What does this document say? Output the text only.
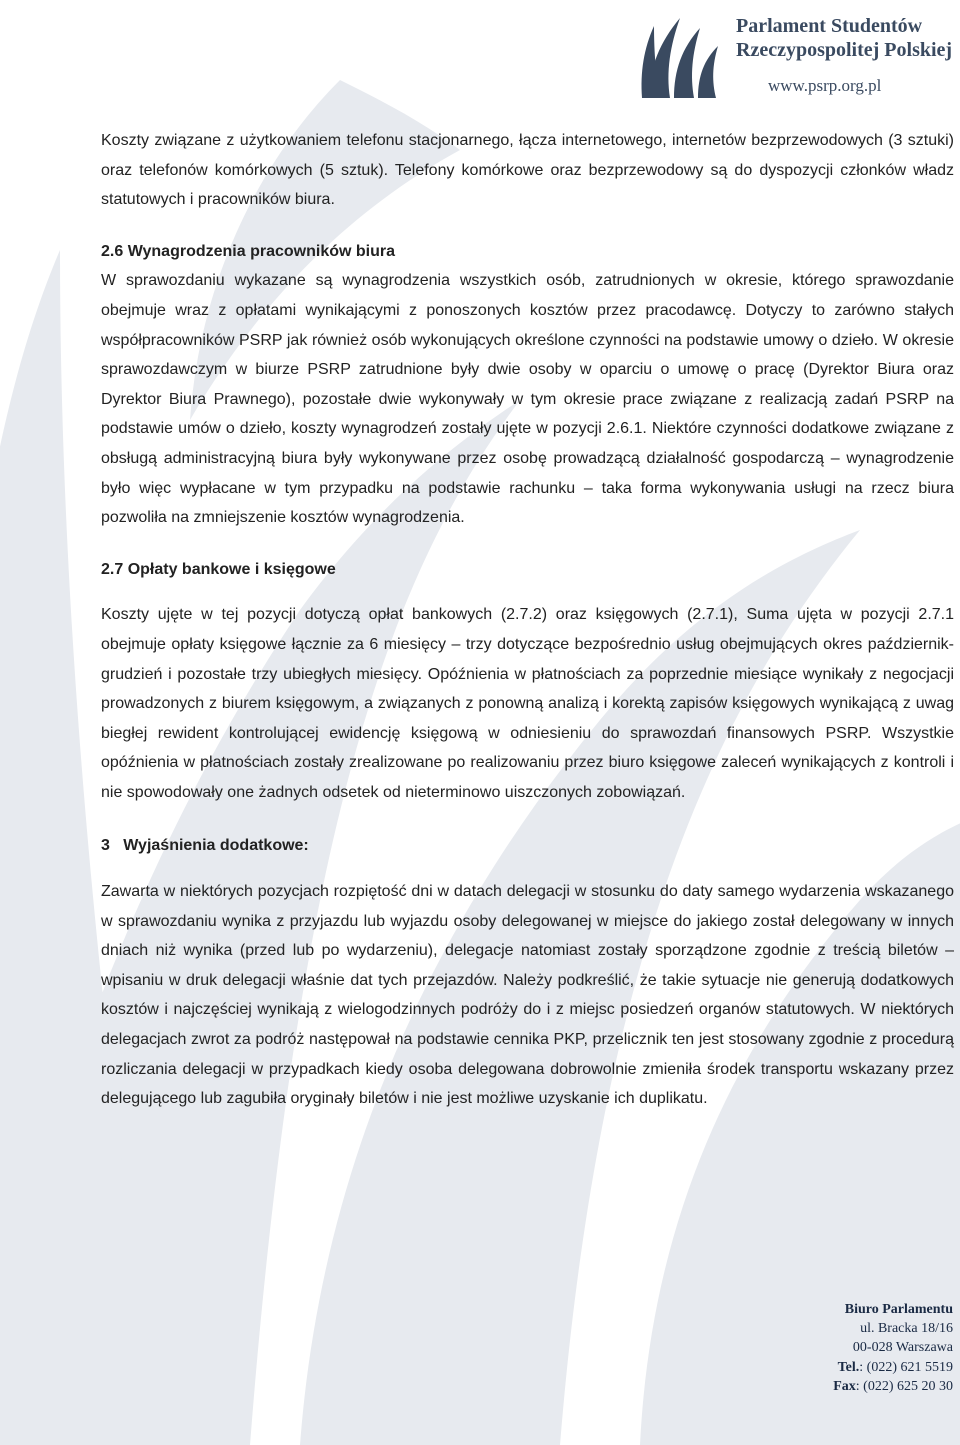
Parlament Studentów
Rzeczypospolitej Polskiej
www.psrp.org.pl

Koszty związane z użytkowaniem telefonu stacjonarnego, łącza internetowego, internetów bezprzewodowych (3 sztuki) oraz telefonów komórkowych (5 sztuk). Telefony komórkowe oraz bezprzewodowy są do dyspozycji członków władz statutowych i pracowników biura.

2.6 Wynagrodzenia pracowników biura

W sprawozdaniu wykazane są wynagrodzenia wszystkich osób, zatrudnionych w okresie, którego sprawozdanie obejmuje wraz z opłatami wynikającymi z ponoszonych kosztów przez pracodawcę. Dotyczy to zarówno stałych współpracowników PSRP jak również osób wykonujących określone czynności na podstawie umowy o dzieło. W okresie sprawozdawczym w biurze PSRP zatrudnione były dwie osoby w oparciu o umowę o pracę (Dyrektor Biura oraz Dyrektor Biura Prawnego), pozostałe dwie wykonywały w tym okresie prace związane z realizacją zadań PSRP na podstawie umów o dzieło, koszty wynagrodzeń zostały ujęte w pozycji 2.6.1. Niektóre czynności dodatkowe związane z obsługą administracyjną biura były wykonywane przez osobę prowadzącą działalność gospodarczą – wynagrodzenie było więc wypłacane w tym przypadku na podstawie rachunku – taka forma wykonywania usługi na rzecz biura pozwoliła na zmniejszenie kosztów wynagrodzenia.

2.7 Opłaty bankowe i księgowe

Koszty ujęte w tej pozycji dotyczą opłat bankowych (2.7.2) oraz księgowych (2.7.1), Suma ujęta w pozycji 2.7.1 obejmuje opłaty księgowe łącznie za 6 miesięcy – trzy dotyczące bezpośrednio usług obejmujących okres październik-grudzień i pozostałe trzy ubiegłych miesięcy. Opóźnienia w płatnościach za poprzednie miesiące wynikały z negocjacji prowadzonych z biurem księgowym, a związanych z ponowną analizą i korektą zapisów księgowych wynikającą z uwag biegłej rewident kontrolującej ewidencję księgową w odniesieniu do sprawozdań finansowych PSRP. Wszystkie opóźnienia w płatnościach zostały zrealizowane po realizowaniu przez biuro księgowe zaleceń wynikających z kontroli i nie spowodowały one żadnych odsetek od nieterminowo uiszczonych zobowiązań.

3   Wyjaśnienia dodatkowe:

Zawarta w niektórych pozycjach rozpiętość dni w datach delegacji w stosunku do daty samego wydarzenia wskazanego w sprawozdaniu wynika z przyjazdu lub wyjazdu osoby delegowanej w miejsce do jakiego został delegowany w innych dniach niż wynika (przed lub po wydarzeniu), delegacje natomiast zostały sporządzone zgodnie z treścią biletów – wpisaniu w druk delegacji właśnie dat tych przejazdów. Należy podkreślić, że takie sytuacje nie generują dodatkowych kosztów i najczęściej wynikają z wielogodzinnych podróży do i z miejsc posiedzeń organów statutowych. W niektórych delegacjach zwrot za podróż następował na podstawie cennika PKP, przelicznik ten jest stosowany zgodnie z procedurą rozliczania delegacji w przypadkach kiedy osoba delegowana dobrowolnie zmieniła środek transportu wskazany przez delegującego lub zagubiła oryginały biletów i nie jest możliwe uzyskanie ich duplikatu.

Biuro Parlamentu
ul. Bracka 18/16
00-028 Warszawa
Tel.: (022) 621 5519
Fax: (022) 625 20 30
